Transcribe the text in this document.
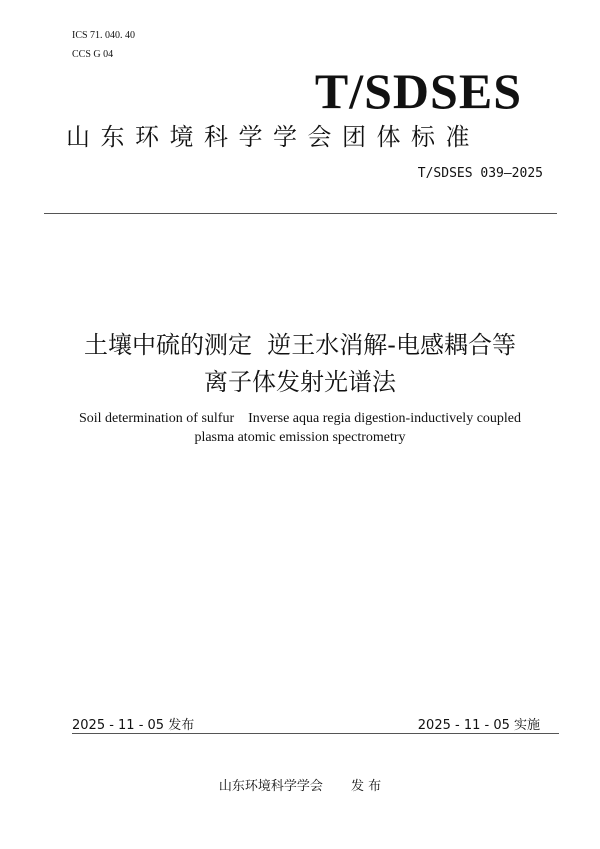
ICS 71. 040. 40
CCS G 04
T/SDSES
山东环境科学学会团体标准
T/SDSES 039—2025
土壤中硫的测定  逆王水消解-电感耦合等
离子体发射光谱法
Soil determination of sulfur    Inverse aqua regia digestion-inductively coupled
plasma atomic emission spectrometry
2025 - 11 - 05 发布	2025 - 11 - 05 实施
山东环境科学学会 发 布
